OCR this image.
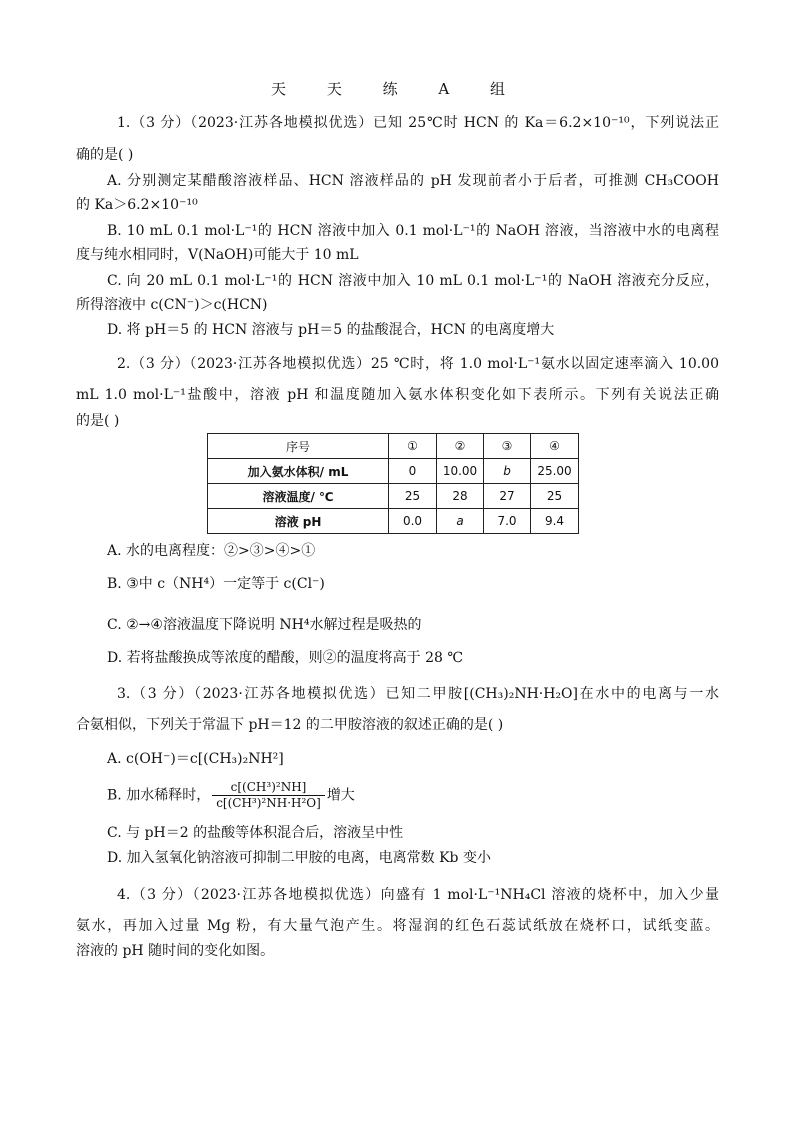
天 天 练 A 组
1.（3 分）（2023·江苏各地模拟优选）已知 25℃时 HCN 的 Ka＝6.2×10⁻¹⁰，下列说法正
确的是( )
A. 分别测定某醋酸溶液样品、HCN 溶液样品的 pH 发现前者小于后者，可推测 CH₃COOH
的 Ka＞6.2×10⁻¹⁰
B. 10 mL 0.1 mol·L⁻¹的 HCN 溶液中加入 0.1 mol·L⁻¹的 NaOH 溶液，当溶液中水的电离程
度与纯水相同时，V(NaOH)可能大于 10 mL
C. 向 20 mL 0.1 mol·L⁻¹的 HCN 溶液中加入 10 mL 0.1 mol·L⁻¹的 NaOH 溶液充分反应，
所得溶液中 c(CN⁻)＞c(HCN)
D. 将 pH＝5 的 HCN 溶液与 pH＝5 的盐酸混合，HCN 的电离度增大
2.（3 分）（2023·江苏各地模拟优选）25 ℃时，将 1.0 mol·L⁻¹氨水以固定速率滴入 10.00
mL 1.0 mol·L⁻¹盐酸中，溶液 pH 和温度随加入氨水体积变化如下表所示。下列有关说法正确
的是( )
序号	①	②	③	④
加入氨水体积/ mL	0	10.00	b	25.00
溶液温度/ ℃	25	28	27	25
溶液 pH	0.0	a	7.0	9.4
A. 水的电离程度：②>③>④>①
B. ③中 c（NH⁴）一定等于 c(Cl⁻)
C. ②→④溶液温度下降说明 NH⁴水解过程是吸热的
D. 若将盐酸换成等浓度的醋酸，则②的温度将高于 28 ℃
3.（3 分）（2023·江苏各地模拟优选）已知二甲胺[(CH₃)₂NH·H₂O]在水中的电离与一水
合氨相似，下列关于常温下 pH＝12 的二甲胺溶液的叙述正确的是( )
A. c(OH⁻)＝c[(CH₃)₂NH²]
B. 加水稀释时， $\frac{\text{c[(CH³)²NH]}}{\text{c[(CH³)²NH·H²O]}}$ 增大
C. 与 pH＝2 的盐酸等体积混合后，溶液呈中性
D. 加入氢氧化钠溶液可抑制二甲胺的电离，电离常数 Kb 变小
4.（3 分）（2023·江苏各地模拟优选）向盛有 1 mol·L⁻¹NH₄Cl 溶液的烧杯中，加入少量
氨水，再加入过量 Mg 粉，有大量气泡产生。将湿润的红色石蕊试纸放在烧杯口，试纸变蓝。
溶液的 pH 随时间的变化如图。
